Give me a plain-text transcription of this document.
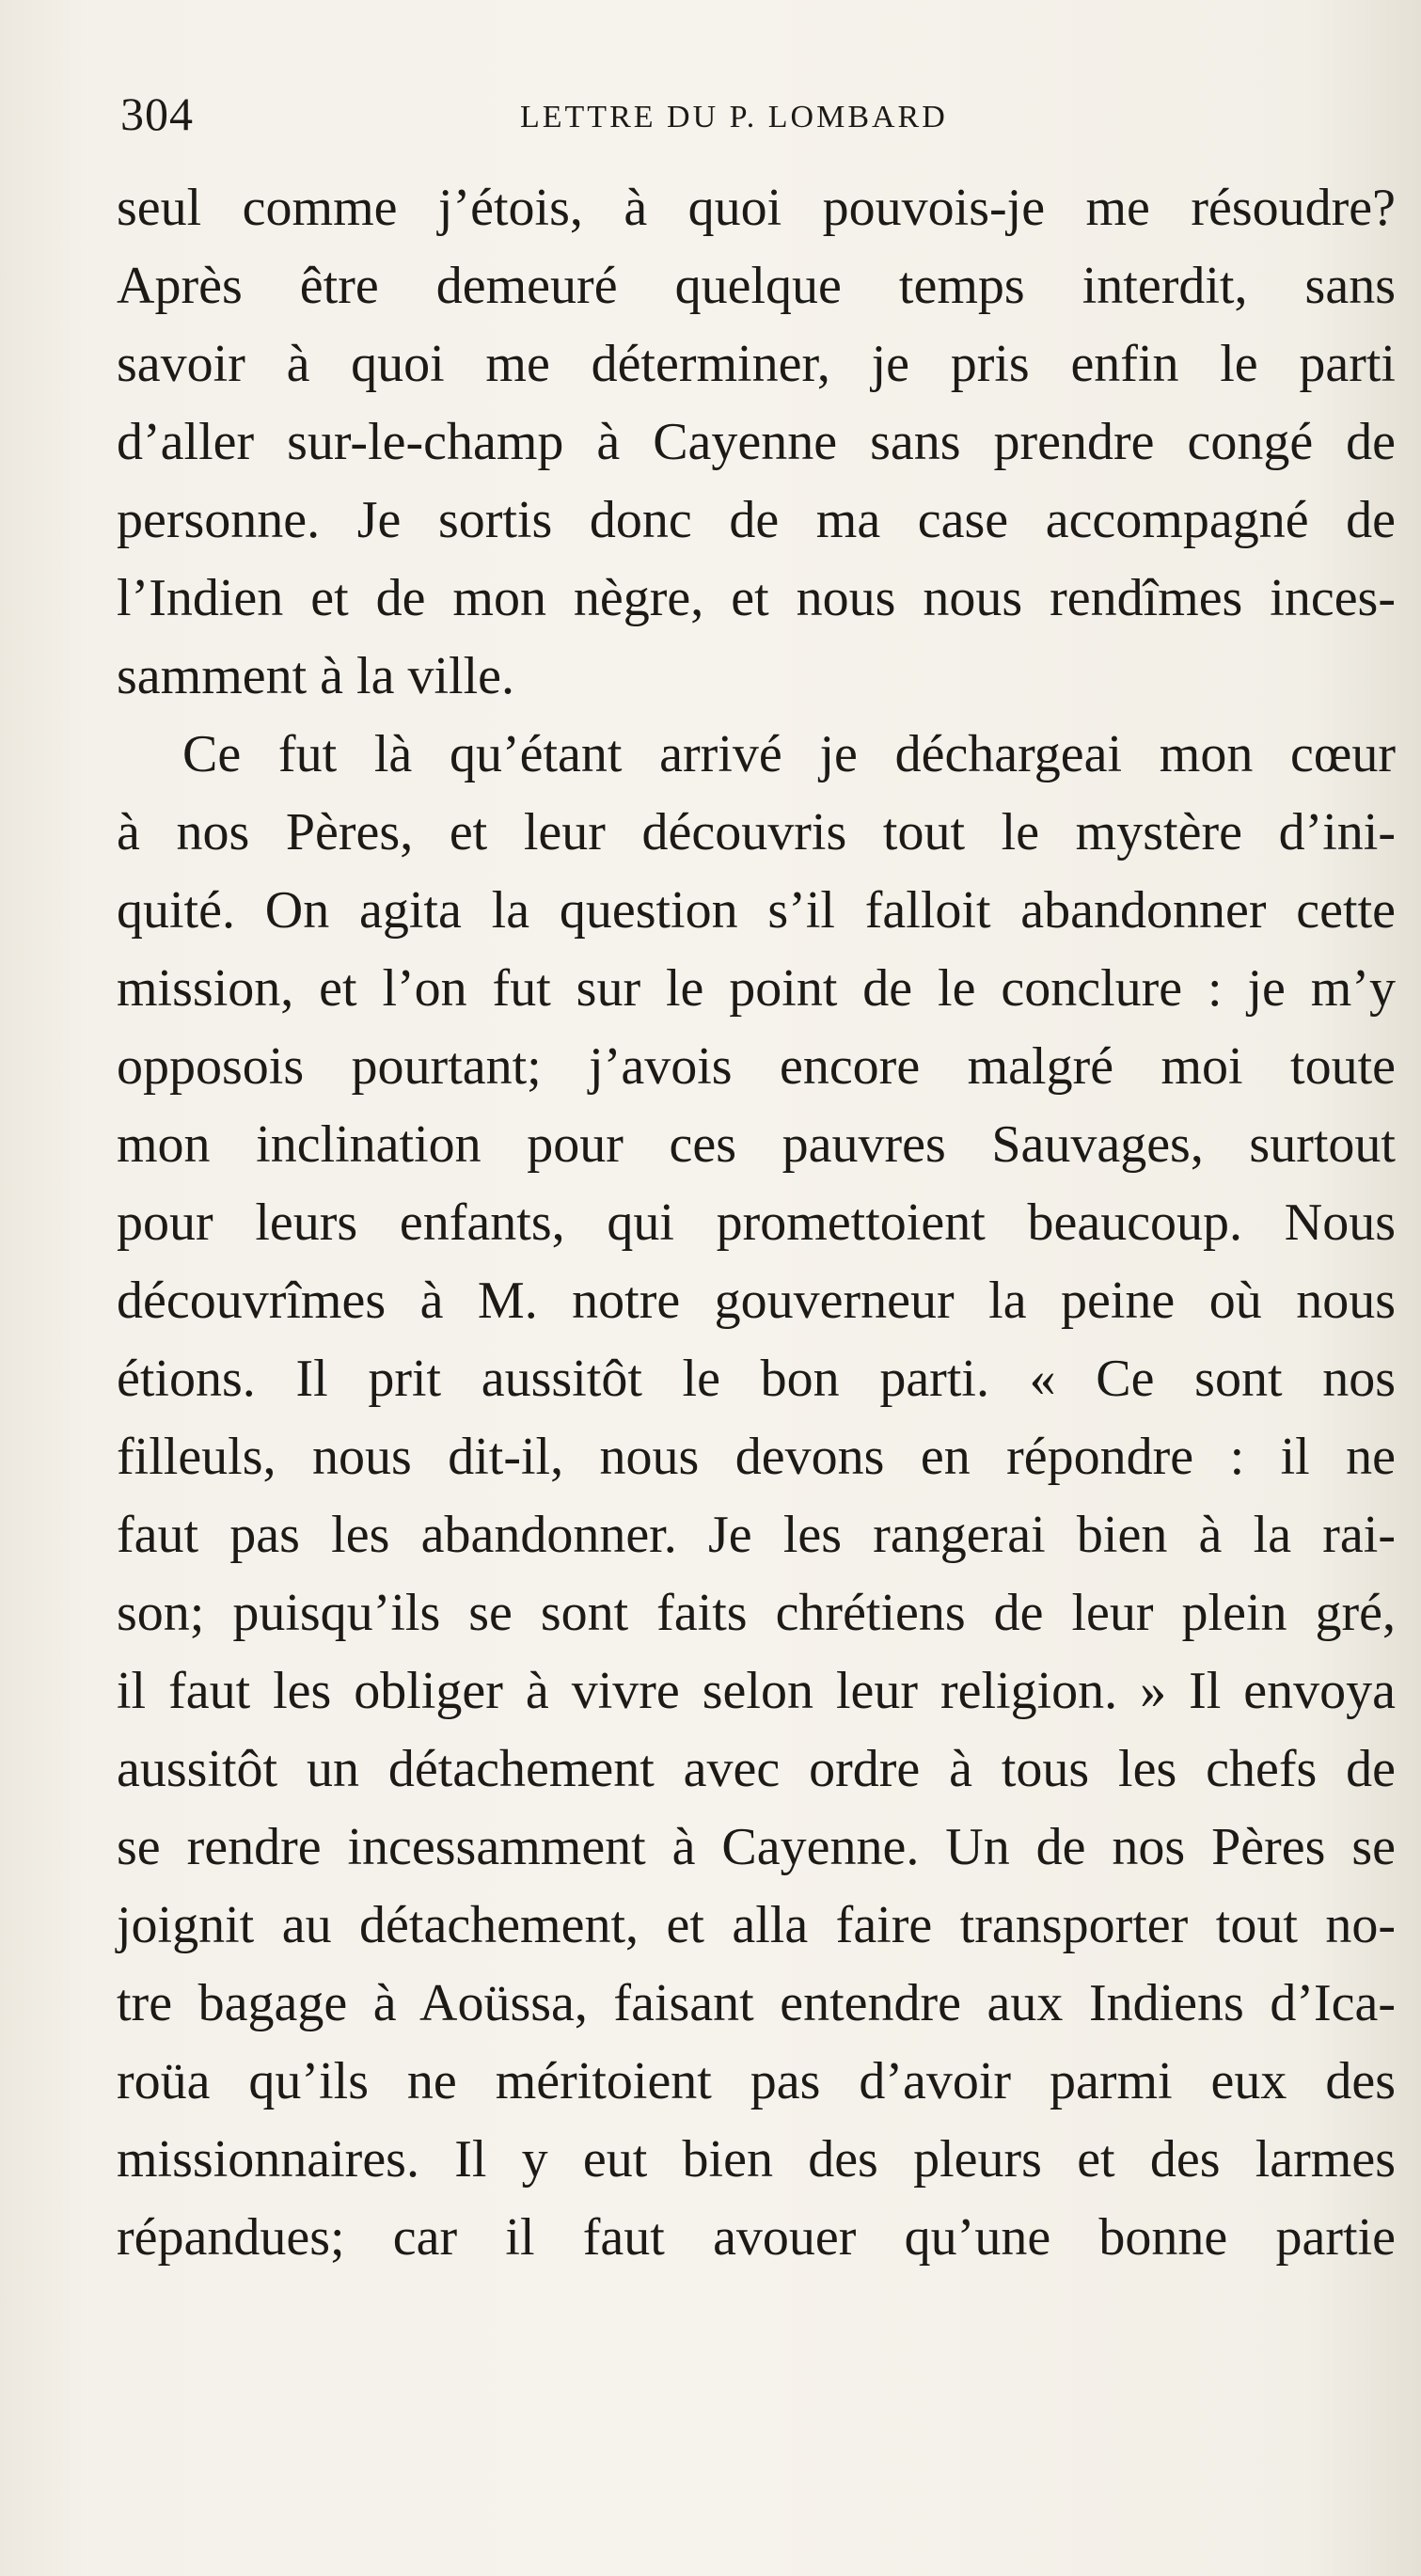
304	LETTRE DU P. LOMBARD
seul comme j’étois, à quoi pouvois-je me résoudre?
Après être demeuré quelque temps interdit, sans
savoir à quoi me déterminer, je pris enfin le parti
d’aller sur-le-champ à Cayenne sans prendre congé de
personne. Je sortis donc de ma case accompagné de
l’Indien et de mon nègre, et nous nous rendîmes inces-
samment à la ville.
Ce fut là qu’étant arrivé je déchargeai mon cœur
à nos Pères, et leur découvris tout le mystère d’ini-
quité. On agita la question s’il falloit abandonner cette
mission, et l’on fut sur le point de le conclure : je m’y
opposois pourtant; j’avois encore malgré moi toute
mon inclination pour ces pauvres Sauvages, surtout
pour leurs enfants, qui promettoient beaucoup. Nous
découvrîmes à M. notre gouverneur la peine où nous
étions. Il prit aussitôt le bon parti. « Ce sont nos
filleuls, nous dit-il, nous devons en répondre : il ne
faut pas les abandonner. Je les rangerai bien à la rai-
son; puisqu’ils se sont faits chrétiens de leur plein gré,
il faut les obliger à vivre selon leur religion. » Il envoya
aussitôt un détachement avec ordre à tous les chefs de
se rendre incessamment à Cayenne. Un de nos Pères se
joignit au détachement, et alla faire transporter tout no-
tre bagage à Aoüssa, faisant entendre aux Indiens d’Ica-
roüa qu’ils ne méritoient pas d’avoir parmi eux des
missionnaires. Il y eut bien des pleurs et des larmes
répandues; car il faut avouer qu’une bonne partie
